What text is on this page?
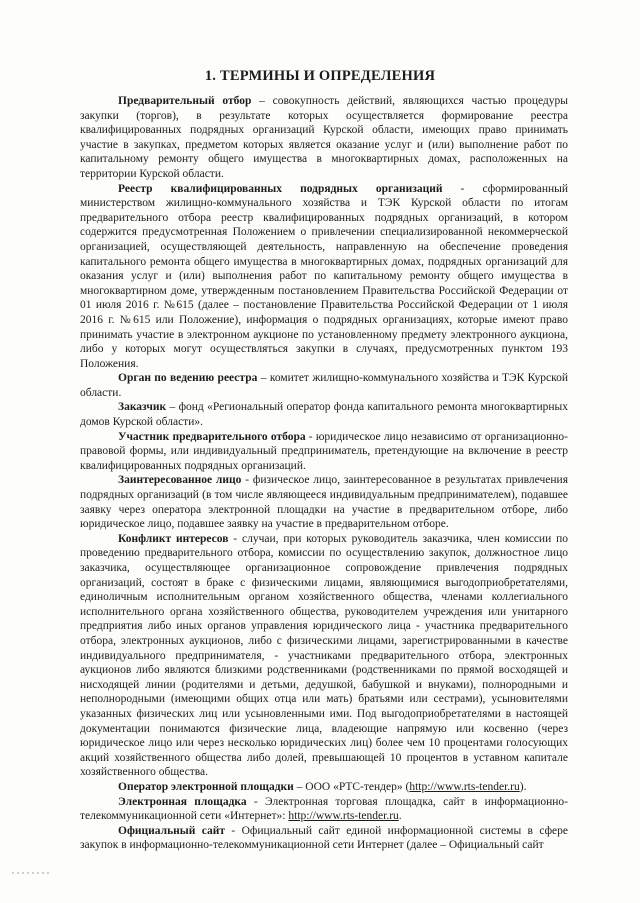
1. ТЕРМИНЫ И ОПРЕДЕЛЕНИЯ

Предварительный отбор – совокупность действий, являющихся частью процедуры закупки (торгов), в результате которых осуществляется формирование реестра квалифицированных подрядных организаций Курской области, имеющих право принимать участие в закупках, предметом которых является оказание услуг и (или) выполнение работ по капитальному ремонту общего имущества в многоквартирных домах, расположенных на территории Курской области.

Реестр квалифицированных подрядных организаций - сформированный министерством жилищно-коммунального хозяйства и ТЭК Курской области по итогам предварительного отбора реестр квалифицированных подрядных организаций, в котором содержится предусмотренная Положением о привлечении специализированной некоммерческой организацией, осуществляющей деятельность, направленную на обеспечение проведения капитального ремонта общего имущества в многоквартирных домах, подрядных организаций для оказания услуг и (или) выполнения работ по капитальному ремонту общего имущества в многоквартирном доме, утвержденным постановлением Правительства Российской Федерации от 01 июля 2016 г. №615 (далее – постановление Правительства Российской Федерации от 1 июля 2016 г. №615 или Положение), информация о подрядных организациях, которые имеют право принимать участие в электронном аукционе по установленному предмету электронного аукциона, либо у которых могут осуществляться закупки в случаях, предусмотренных пунктом 193 Положения.

Орган по ведению реестра – комитет жилищно-коммунального хозяйства и ТЭК Курской области.

Заказчик – фонд «Региональный оператор фонда капитального ремонта многоквартирных домов Курской области».

Участник предварительного отбора - юридическое лицо независимо от организационно-правовой формы, или индивидуальный предприниматель, претендующие на включение в реестр квалифицированных подрядных организаций.

Заинтересованное лицо - физическое лицо, заинтересованное в результатах привлечения подрядных организаций (в том числе являющееся индивидуальным предпринимателем), подавшее заявку через оператора электронной площадки на участие в предварительном отборе, либо юридическое лицо, подавшее заявку на участие в предварительном отборе.

Конфликт интересов - случаи, при которых руководитель заказчика, член комиссии по проведению предварительного отбора, комиссии по осуществлению закупок, должностное лицо заказчика, осуществляющее организационное сопровождение привлечения подрядных организаций, состоят в браке с физическими лицами, являющимися выгодоприобретателями, единоличным исполнительным органом хозяйственного общества, членами коллегиального исполнительного органа хозяйственного общества, руководителем учреждения или унитарного предприятия либо иных органов управления юридического лица - участника предварительного отбора, электронных аукционов, либо с физическими лицами, зарегистрированными в качестве индивидуального предпринимателя, - участниками предварительного отбора, электронных аукционов либо являются близкими родственниками (родственниками по прямой восходящей и нисходящей линии (родителями и детьми, дедушкой, бабушкой и внуками), полнородными и неполнородными (имеющими общих отца или мать) братьями или сестрами), усыновителями указанных физических лиц или усыновленными ими. Под выгодоприобретателями в настоящей документации понимаются физические лица, владеющие напрямую или косвенно (через юридическое лицо или через несколько юридических лиц) более чем 10 процентами голосующих акций хозяйственного общества либо долей, превышающей 10 процентов в уставном капитале хозяйственного общества.

Оператор электронной площадки – ООО «РТС-тендер» (http://www.rts-tender.ru).

Электронная площадка - Электронная торговая площадка, сайт в информационно-телекоммуникационной сети «Интернет»: http://www.rts-tender.ru.

Официальный сайт - Официальный сайт единой информационной системы в сфере закупок в информационно-телекоммуникационной сети Интернет (далее – Официальный сайт
